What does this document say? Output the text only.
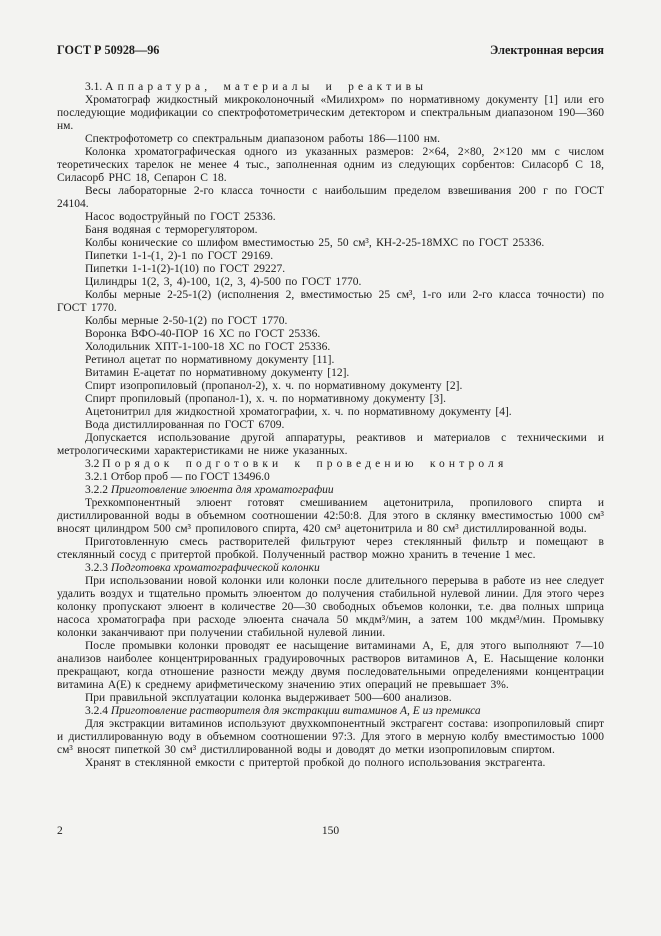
ГОСТ Р 50928—96	Электронная версия

3.1. Аппаратура, материалы и реактивы

Хроматограф жидкостный микроколоночный «Милихром» по нормативному документу [1] или его последующие модификации со спектрофотометрическим детектором и спектральным диапазоном 190—360 нм.

Спектрофотометр со спектральным диапазоном работы 186—1100 нм.

Колонка хроматографическая одного из указанных размеров: 2×64, 2×80, 2×120 мм с числом теоретических тарелок не менее 4 тыс., заполненная одним из следующих сорбентов: Силасорб С 18, Силасорб РНС 18, Сепарон С 18.

Весы лабораторные 2-го класса точности с наибольшим пределом взвешивания 200 г по ГОСТ 24104.

Насос водоструйный по ГОСТ 25336.

Баня водяная с терморегулятором.

Колбы конические со шлифом вместимостью 25, 50 см³, КН-2-25-18МХС по ГОСТ 25336.

Пипетки 1-1-(1, 2)-1 по ГОСТ 29169.

Пипетки 1-1-1(2)-1(10) по ГОСТ 29227.

Цилиндры 1(2, 3, 4)-100, 1(2, 3, 4)-500 по ГОСТ 1770.

Колбы мерные 2-25-1(2) (исполнения 2, вместимостью 25 см³, 1-го или 2-го класса точности) по ГОСТ 1770.

Колбы мерные 2-50-1(2) по ГОСТ 1770.

Воронка ВФО-40-ПОР 16 ХС по ГОСТ 25336.

Холодильник ХПТ-1-100-18 ХС по ГОСТ 25336.

Ретинол ацетат по нормативному документу [11].

Витамин Е-ацетат по нормативному документу [12].

Спирт изопропиловый (пропанол-2), х. ч. по нормативному документу [2].

Спирт пропиловый (пропанол-1), х. ч. по нормативному документу [3].

Ацетонитрил для жидкостной хроматографии, х. ч. по нормативному документу [4].

Вода дистиллированная по ГОСТ 6709.

Допускается использование другой аппаратуры, реактивов и материалов с техническими и метрологическими характеристиками не ниже указанных.

3.2 Порядок подготовки к проведению контроля

3.2.1 Отбор проб — по ГОСТ 13496.0

3.2.2 Приготовление элюента для хроматографии

Трехкомпонентный элюент готовят смешиванием ацетонитрила, пропилового спирта и дистиллированной воды в объемном соотношении 42:50:8. Для этого в склянку вместимостью 1000 см³ вносят цилиндром 500 см³ пропилового спирта, 420 см³ ацетонитрила и 80 см³ дистиллированной воды.

Приготовленную смесь растворителей фильтруют через стеклянный фильтр и помещают в стеклянный сосуд с притертой пробкой. Полученный раствор можно хранить в течение 1 мес.

3.2.3 Подготовка хроматографической колонки

При использовании новой колонки или колонки после длительного перерыва в работе из нее следует удалить воздух и тщательно промыть элюентом до получения стабильной нулевой линии. Для этого через колонку пропускают элюент в количестве 20—30 свободных объемов колонки, т.е. два полных шприца насоса хроматографа при расходе элюента сначала 50 мкдм³/мин, а затем 100 мкдм³/мин. Промывку колонки заканчивают при получении стабильной нулевой линии.

После промывки колонки проводят ее насыщение витаминами А, Е, для этого выполняют 7—10 анализов наиболее концентрированных градуировочных растворов витаминов А, Е. Насыщение колонки прекращают, когда отношение разности между двумя последовательными определениями концентрации витамина А(Е) к среднему арифметическому значению этих операций не превышает 3%.

При правильной эксплуатации колонка выдерживает 500—600 анализов.

3.2.4 Приготовление растворителя для экстракции витаминов А, Е из премикса

Для экстракции витаминов используют двухкомпонентный экстрагент состава: изопропиловый спирт и дистиллированную воду в объемном соотношении 97:3. Для этого в мерную колбу вместимостью 1000 см³ вносят пипеткой 30 см³ дистиллированной воды и доводят до метки изопропиловым спиртом.

Хранят в стеклянной емкости с притертой пробкой до полного использования экстрагента.

150
2
